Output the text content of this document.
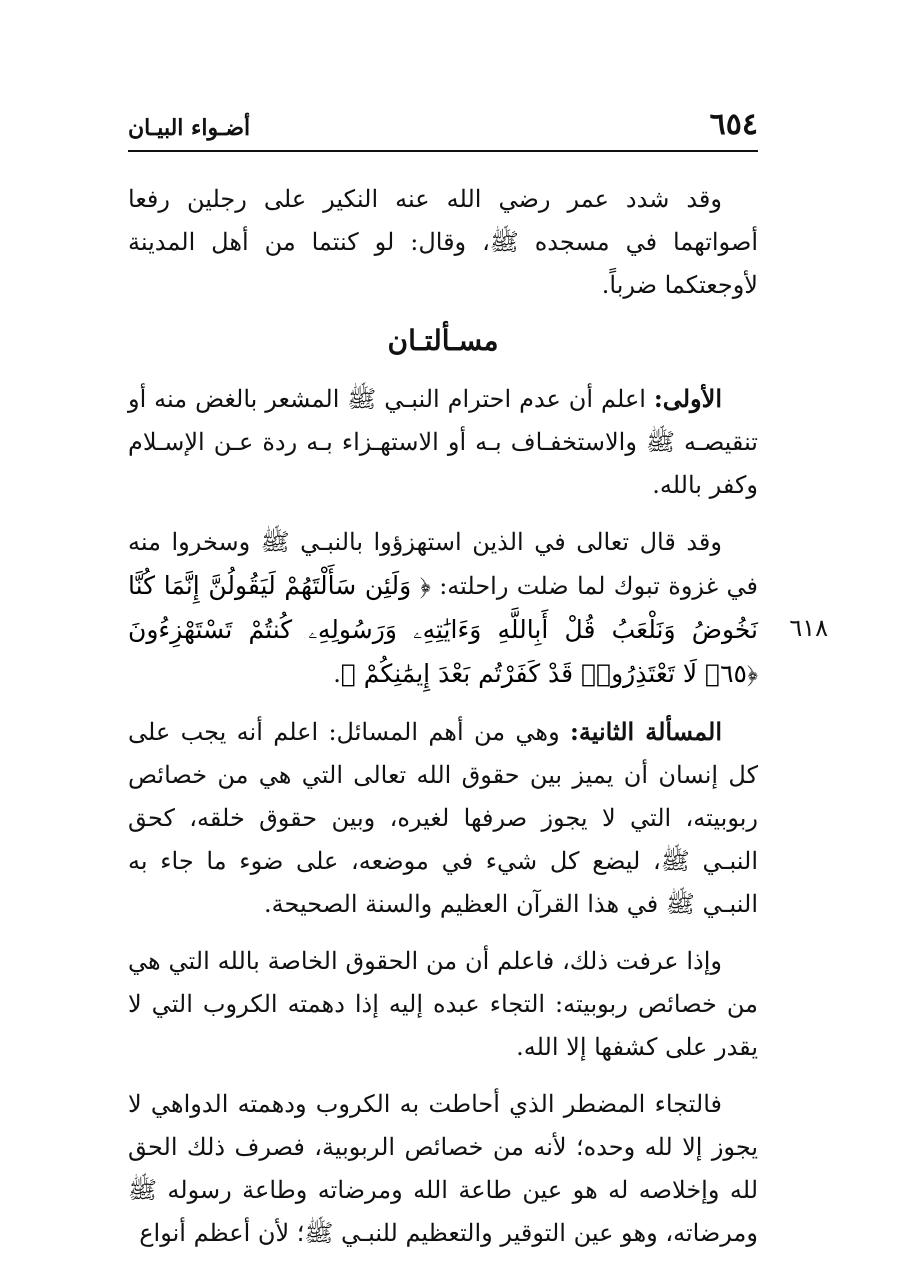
٦٥٤
أضـواء البيـان

وقد شدد عمر رضي الله عنه النكير على رجلين رفعا أصواتهما في مسجده ﷺ، وقال: لو كنتما من أهل المدينة لأوجعتكما ضرباً.

مسـألتـان

الأولى: اعلم أن عدم احترام النبـي ﷺ المشعر بالغض منه أو تنقيصـه ﷺ والاستخفـاف بـه أو الاستهـزاء بـه ردة عـن الإسـلام وكفر بالله.

وقد قال تعالى في الذين استهزؤوا بالنبـي ﷺ وسخروا منه في غزوة تبوك لما ضلت راحلته: ﴿ وَلَئِن سَأَلْتَهُمْ لَيَقُولُنَّ إِنَّمَا كُنَّا نَخُوضُ وَنَلْعَبُ قُلْ أَبِاللَّهِ وَءَايَٰتِهِۦ وَرَسُولِهِۦ كُنتُمْ تَسْتَهْزِءُونَ ﴿٦٥﴾ لَا تَعْتَذِرُوا۟ قَدْ كَفَرْتُم بَعْدَ إِيمَٰنِكُمْ ﴾.

٦١٨

المسألة الثانية: وهي من أهم المسائل: اعلم أنه يجب على كل إنسان أن يميز بين حقوق الله تعالى التي هي من خصائص ربوبيته، التي لا يجوز صرفها لغيره، وبين حقوق خلقه، كحق النبـي ﷺ، ليضع كل شيء في موضعه، على ضوء ما جاء به النبـي ﷺ في هذا القرآن العظيم والسنة الصحيحة.

وإذا عرفت ذلك، فاعلم أن من الحقوق الخاصة بالله التي هي من خصائص ربوبيته: التجاء عبده إليه إذا دهمته الكروب التي لا يقدر على كشفها إلا الله.

فالتجاء المضطر الذي أحاطت به الكروب ودهمته الدواهي لا يجوز إلا لله وحده؛ لأنه من خصائص الربوبية، فصرف ذلك الحق لله وإخلاصه له هو عين طاعة الله ومرضاته وطاعة رسوله ﷺ ومرضاته، وهو عين التوقير والتعظيم للنبـي ﷺ؛ لأن أعظم أنواع
